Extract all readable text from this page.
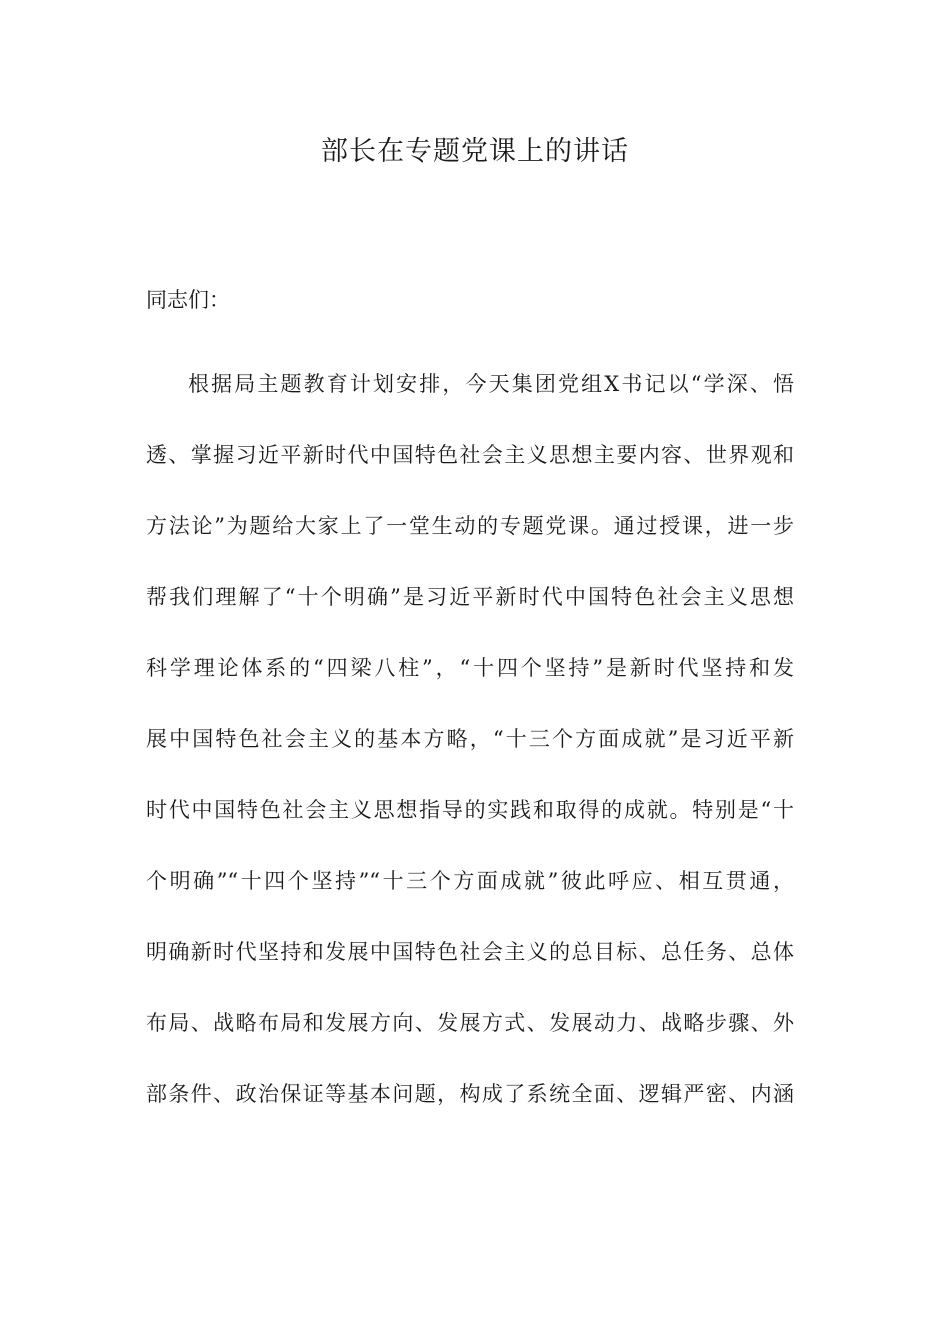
部长在专题党课上的讲话

同志们：

根据局主题教育计划安排，今天集团党组X书记以“学深、悟
透、掌握习近平新时代中国特色社会主义思想主要内容、世界观和
方法论”为题给大家上了一堂生动的专题党课。通过授课，进一步
帮我们理解了“十个明确”是习近平新时代中国特色社会主义思想
科学理论体系的“四梁八柱”，“十四个坚持”是新时代坚持和发
展中国特色社会主义的基本方略，“十三个方面成就”是习近平新
时代中国特色社会主义思想指导的实践和取得的成就。特别是“十
个明确”“十四个坚持”“十三个方面成就”彼此呼应、相互贯通，
明确新时代坚持和发展中国特色社会主义的总目标、总任务、总体
布局、战略布局和发展方向、发展方式、发展动力、战略步骤、外
部条件、政治保证等基本问题，构成了系统全面、逻辑严密、内涵
